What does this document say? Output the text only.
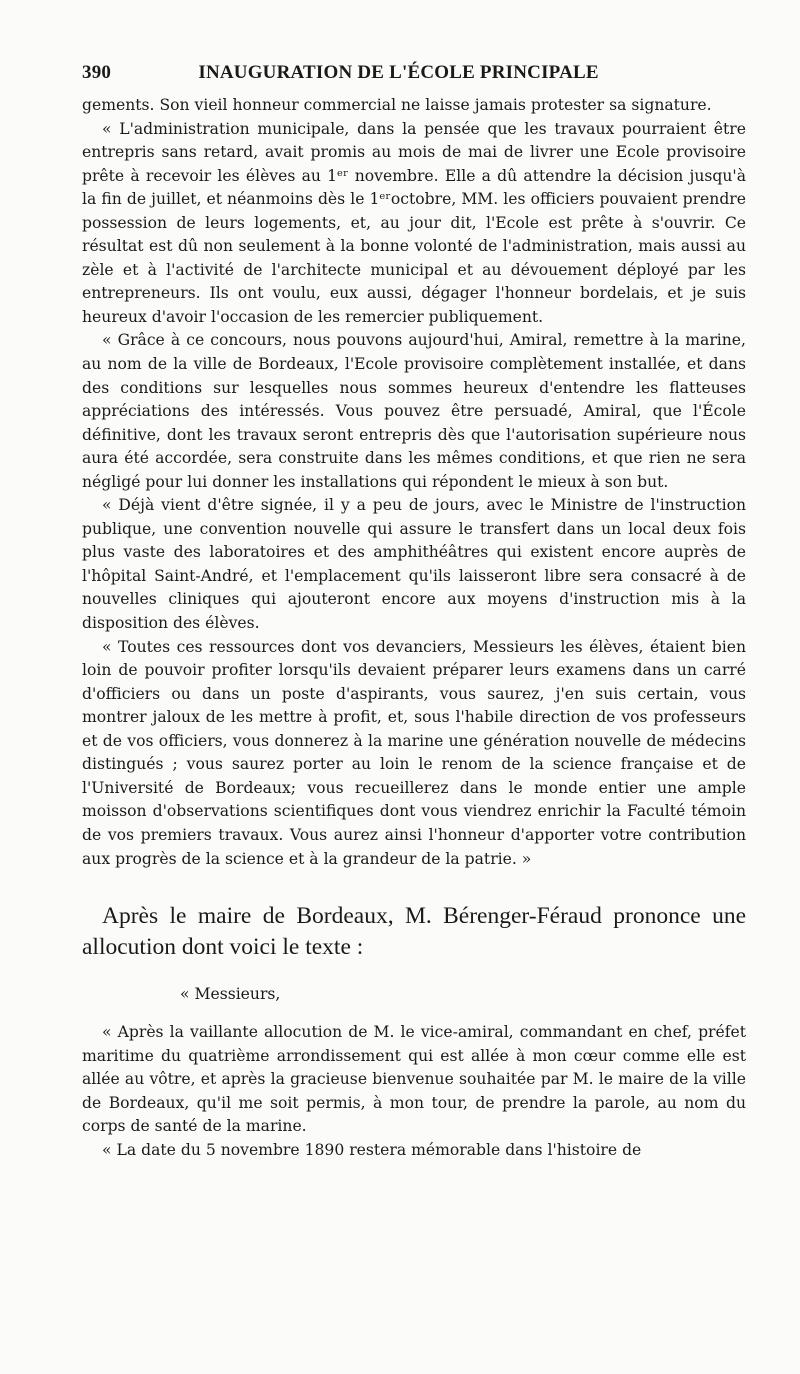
390	INAUGURATION DE L'ÉCOLE PRINCIPALE

gements. Son vieil honneur commercial ne laisse jamais protester sa signature.

« L'administration municipale, dans la pensée que les travaux pourraient être entrepris sans retard, avait promis au mois de mai de livrer une Ecole provisoire prête à recevoir les élèves au 1ᵉʳ novembre. Elle a dû attendre la décision jusqu'à la fin de juillet, et néanmoins dès le 1ᵉʳoctobre, MM. les officiers pouvaient prendre possession de leurs logements, et, au jour dit, l'Ecole est prête à s'ouvrir. Ce résultat est dû non seulement à la bonne volonté de l'administration, mais aussi au zèle et à l'activité de l'architecte municipal et au dévouement déployé par les entrepreneurs. Ils ont voulu, eux aussi, dégager l'honneur bordelais, et je suis heureux d'avoir l'occasion de les remercier publiquement.

« Grâce à ce concours, nous pouvons aujourd'hui, Amiral, remettre à la marine, au nom de la ville de Bordeaux, l'Ecole provisoire complètement installée, et dans des conditions sur lesquelles nous sommes heureux d'entendre les flatteuses appréciations des intéressés. Vous pouvez être persuadé, Amiral, que l'École définitive, dont les travaux seront entrepris dès que l'autorisation supérieure nous aura été accordée, sera construite dans les mêmes conditions, et que rien ne sera négligé pour lui donner les installations qui répondent le mieux à son but.

« Déjà vient d'être signée, il y a peu de jours, avec le Ministre de l'instruction publique, une convention nouvelle qui assure le transfert dans un local deux fois plus vaste des laboratoires et des amphithéâtres qui existent encore auprès de l'hôpital Saint-André, et l'emplacement qu'ils laisseront libre sera consacré à de nouvelles cliniques qui ajouteront encore aux moyens d'instruction mis à la disposition des élèves.

« Toutes ces ressources dont vos devanciers, Messieurs les élèves, étaient bien loin de pouvoir profiter lorsqu'ils devaient préparer leurs examens dans un carré d'officiers ou dans un poste d'aspirants, vous saurez, j'en suis certain, vous montrer jaloux de les mettre à profit, et, sous l'habile direction de vos professeurs et de vos officiers, vous donnerez à la marine une génération nouvelle de médecins distingués ; vous saurez porter au loin le renom de la science française et de l'Université de Bordeaux; vous recueillerez dans le monde entier une ample moisson d'observations scientifiques dont vous viendrez enrichir la Faculté témoin de vos premiers travaux. Vous aurez ainsi l'honneur d'apporter votre contribution aux progrès de la science et à la grandeur de la patrie. »

Après le maire de Bordeaux, M. Bérenger-Féraud prononce une allocution dont voici le texte :

« Messieurs,

« Après la vaillante allocution de M. le vice-amiral, commandant en chef, préfet maritime du quatrième arrondissement qui est allée à mon cœur comme elle est allée au vôtre, et après la gracieuse bienvenue souhaitée par M. le maire de la ville de Bordeaux, qu'il me soit permis, à mon tour, de prendre la parole, au nom du corps de santé de la marine.

« La date du 5 novembre 1890 restera mémorable dans l'histoire de
